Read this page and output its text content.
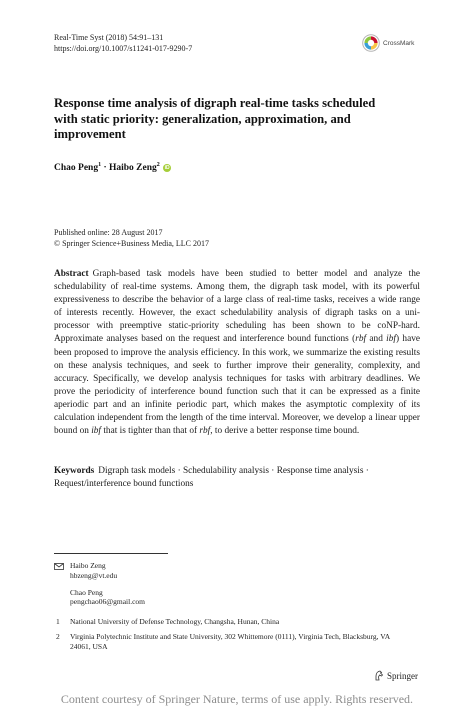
Real-Time Syst (2018) 54:91–131
https://doi.org/10.1007/s11241-017-9290-7
CrossMark
Response time analysis of digraph real-time tasks scheduled with static priority: generalization, approximation, and improvement
Chao Peng$^1$ · Haibo Zeng$^2$ iD
Published online: 28 August 2017
© Springer Science+Business Media, LLC 2017
Abstract Graph-based task models have been studied to better model and analyze the schedulability of real-time systems. Among them, the digraph task model, with its powerful expressiveness to describe the behavior of a large class of real-time tasks, receives a wide range of interests recently. However, the exact schedulability analysis of digraph tasks on a uni-processor with preemptive static-priority scheduling has been shown to be coNP-hard. Approximate analyses based on the request and interference bound functions (rbf and ibf) have been proposed to improve the analysis efficiency. In this work, we summarize the existing results on these analysis techniques, and seek to further improve their generality, complexity, and accuracy. Specifically, we develop analysis techniques for tasks with arbitrary deadlines. We prove the periodicity of interference bound function such that it can be expressed as a finite aperiodic part and an infinite periodic part, which makes the asymptotic complexity of its calculation independent from the length of the time interval. Moreover, we develop a linear upper bound on ibf that is tighter than that of rbf, to derive a better response time bound.
Keywords Digraph task models · Schedulability analysis · Response time analysis · Request/interference bound functions
Haibo Zeng
hbzeng@vt.edu
Chao Peng
pengchao06@gmail.com
1 National University of Defense Technology, Changsha, Hunan, China
2 Virginia Polytechnic Institute and State University, 302 Whittemore (0111), Virginia Tech, Blacksburg, VA 24061, USA
Springer
Content courtesy of Springer Nature, terms of use apply. Rights reserved.
